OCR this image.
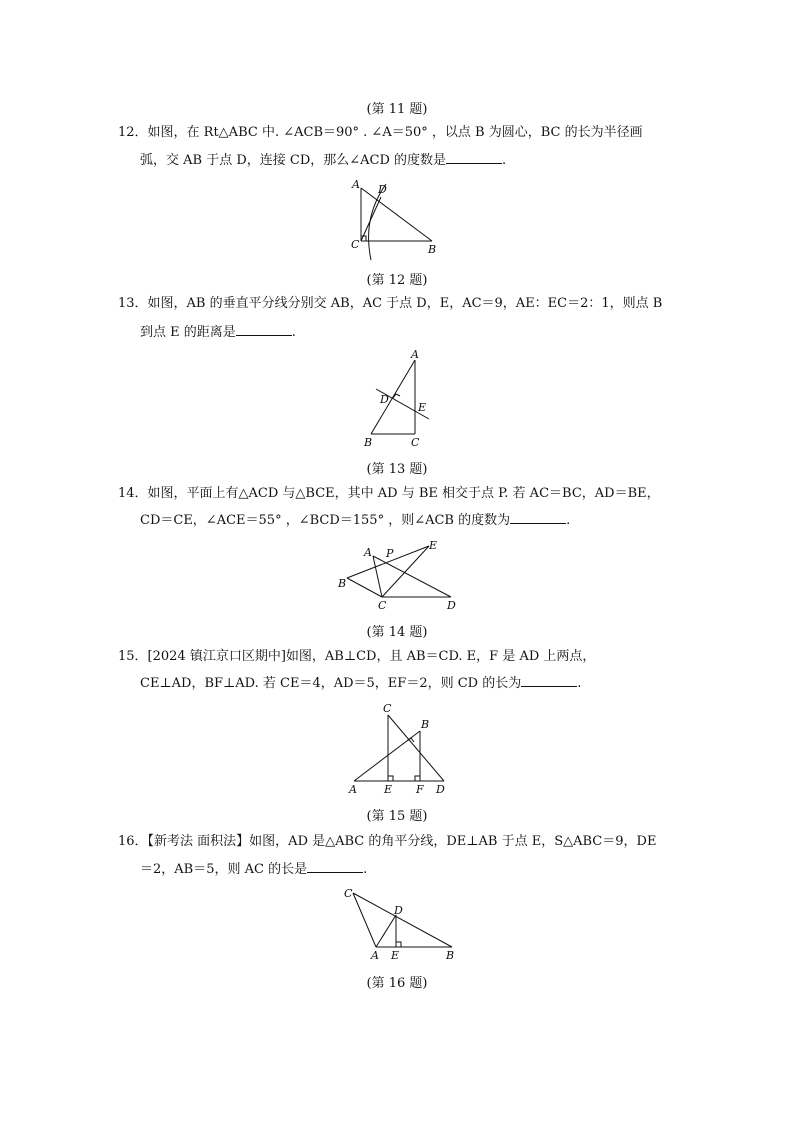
(第 11 题)
12．如图，在 Rt△ABC 中. ∠ACB＝90° . ∠A＝50° ，以点 B 为圆心，BC 的长为半径画
弧，交 AB 于点 D，连接 CD，那么∠ACD 的度数是	.
A D
C	B
(第 12 题)
13．如图，AB 的垂直平分线分别交 AB，AC 于点 D，E，AC＝9，AE：EC＝2：1，则点 B
到点 E 的距离是	.
A
D
E
B	C
(第 13 题)
14．如图，平面上有△ACD 与△BCE，其中 AD 与 BE 相交于点 P. 若 AC＝BC，AD＝BE，
CD＝CE，∠ACE＝55° ，∠BCD＝155° ，则∠ACB 的度数为	.
A P
E
B
C	D
(第 14 题)
15．[2024 镇江京口区期中]如图，AB⊥CD，且 AB＝CD. E，F 是 AD 上两点，
CE⊥AD，BF⊥AD. 若 CE＝4，AD＝5，EF＝2，则 CD 的长为	.
C
B
A E F D
(第 15 题)
16．【新考法 面积法】如图，AD 是△ABC 的角平分线，DE⊥AB 于点 E，S△ABC＝9，DE
＝2，AB＝5，则 AC 的长是	.
C
D
A E	B
(第 16 题)
